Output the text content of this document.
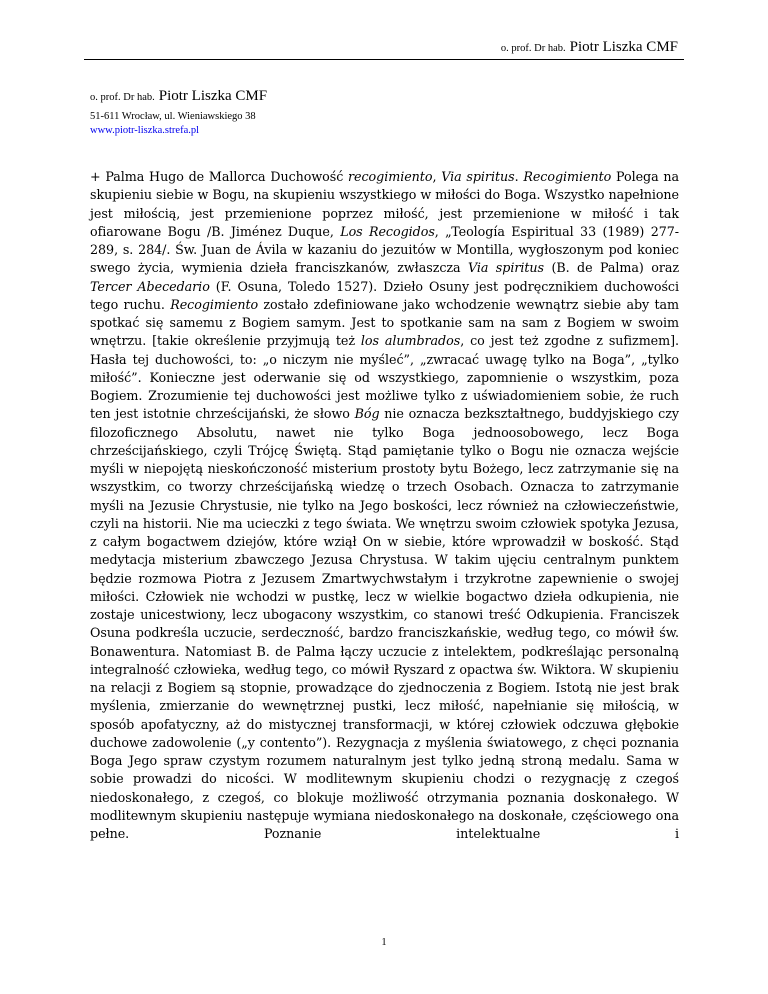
o. prof. Dr hab. Piotr Liszka CMF
o. prof. Dr hab. Piotr Liszka CMF
51-611 Wrocław, ul. Wieniawskiego 38
www.piotr-liszka.strefa.pl

+ Palma Hugo de Mallorca Duchowość recogimiento, Via spiritus. Recogimiento Polega na skupieniu siebie w Bogu, na skupieniu wszystkiego w miłości do Boga. Wszystko napełnione jest miłością, jest przemienione poprzez miłość, jest przemienione w miłość i tak ofiarowane Bogu /B. Jiménez Duque, Los Recogidos, „Teología Espiritual 33 (1989) 277-289, s. 284/. Św. Juan de Ávila w kazaniu do jezuitów w Montilla, wygłoszonym pod koniec swego życia, wymienia dzieła franciszkanów, zwłaszcza Via spiritus (B. de Palma) oraz Tercer Abecedario (F. Osuna, Toledo 1527). Dzieło Osuny jest podręcznikiem duchowości tego ruchu. Recogimiento zostało zdefiniowane jako wchodzenie wewnątrz siebie aby tam spotkać się samemu z Bogiem samym. Jest to spotkanie sam na sam z Bogiem w swoim wnętrzu. [takie określenie przyjmują też los alumbrados, co jest też zgodne z sufizmem]. Hasła tej duchowości, to: „o niczym nie myśleć”, „zwracać uwagę tylko na Boga”, „tylko miłość”. Konieczne jest oderwanie się od wszystkiego, zapomnienie o wszystkim, poza Bogiem. Zrozumienie tej duchowości jest możliwe tylko z uświadomieniem sobie, że ruch ten jest istotnie chrześcijański, że słowo Bóg nie oznacza bezkształtnego, buddyjskiego czy filozoficznego Absolutu, nawet nie tylko Boga jednoosobowego, lecz Boga chrześcijańskiego, czyli Trójcę Świętą. Stąd pamiętanie tylko o Bogu nie oznacza wejście myśli w niepojętą nieskończoność misterium prostoty bytu Bożego, lecz zatrzymanie się na wszystkim, co tworzy chrześcijańską wiedzę o trzech Osobach. Oznacza to zatrzymanie myśli na Jezusie Chrystusie, nie tylko na Jego boskości, lecz również na człowieczeństwie, czyli na historii. Nie ma ucieczki z tego świata. We wnętrzu swoim człowiek spotyka Jezusa, z całym bogactwem dziejów, które wziął On w siebie, które wprowadził w boskość. Stąd medytacja misterium zbawczego Jezusa Chrystusa. W takim ujęciu centralnym punktem będzie rozmowa Piotra z Jezusem Zmartwychwstałym i trzykrotne zapewnienie o swojej miłości. Człowiek nie wchodzi w pustkę, lecz w wielkie bogactwo dzieła odkupienia, nie zostaje unicestwiony, lecz ubogacony wszystkim, co stanowi treść Odkupienia. Franciszek Osuna podkreśla uczucie, serdeczność, bardzo franciszkańskie, według tego, co mówił św. Bonawentura. Natomiast B. de Palma łączy uczucie z intelektem, podkreślając personalną integralność człowieka, według tego, co mówił Ryszard z opactwa św. Wiktora. W skupieniu na relacji z Bogiem są stopnie, prowadzące do zjednoczenia z Bogiem. Istotą nie jest brak myślenia, zmierzanie do wewnętrznej pustki, lecz miłość, napełnianie się miłością, w sposób apofatyczny, aż do mistycznej transformacji, w której człowiek odczuwa głębokie duchowe zadowolenie („y contento”). Rezygnacja z myślenia światowego, z chęci poznania Boga Jego spraw czystym rozumem naturalnym jest tylko jedną stroną medalu. Sama w sobie prowadzi do nicości. W modlitewnym skupieniu chodzi o rezygnację z czegoś niedoskonałego, z czegoś, co blokuje możliwość otrzymania poznania doskonałego. W modlitewnym skupieniu następuje wymiana niedoskonałego na doskonałe, częściowego ona pełne. Poznanie intelektualne i

1
